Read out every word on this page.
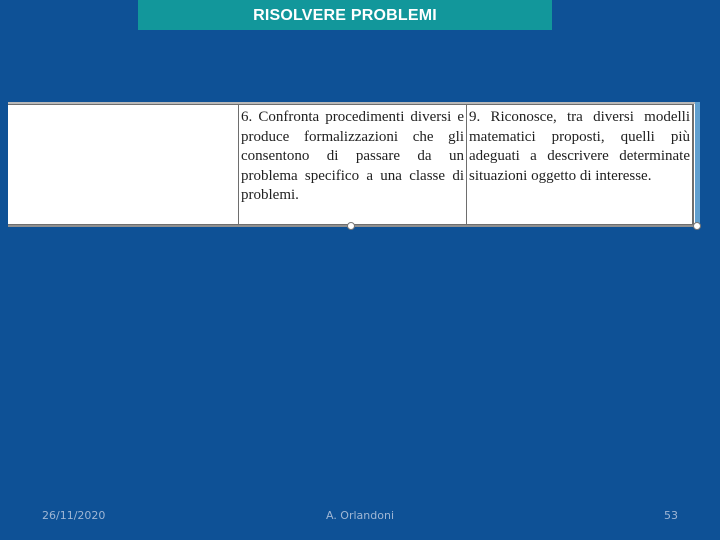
RISOLVERE PROBLEMI
	6. Confronta procedimenti diversi e produce formalizzazioni che gli consentono di passare da un problema specifico a una classe di problemi.	9. Riconosce, tra diversi modelli matematici proposti, quelli più adeguati a descrivere determinate situazioni oggetto di interesse.
26/11/2020	A. Orlandoni	53
